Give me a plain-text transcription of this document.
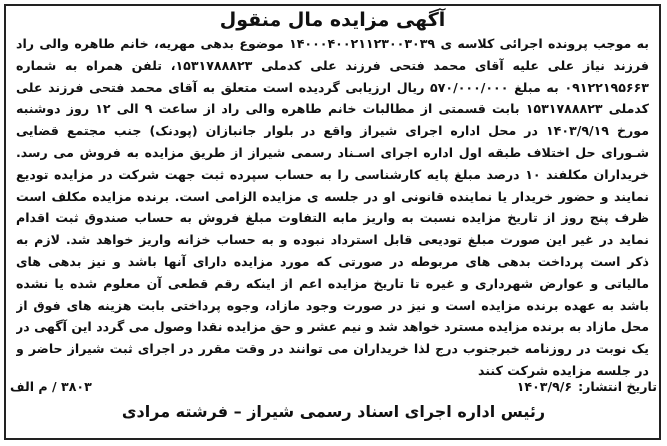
آگهی مزایده مال منقول

به موجب پرونده اجرائی کلاسه ی ۱۴۰۰۰۴۰۰۲۱۱۲۳۰۰۳۰۳۹ موضوع بدهی مهریه، خانم طاهره والی راد فرزند نیاز علی علیه آقای محمد فتحی فرزند علی کدملی ۱۵۳۱۷۸۸۸۲۳، تلفن همراه به شماره ۰۹۱۲۲۱۹۵۶۶۳ به مبلغ ۵۷۰/۰۰۰/۰۰۰ ریال ارزیابی گردیده است متعلق به آقای محمد فتحی فرزند علی کدملی ۱۵۳۱۷۸۸۸۲۳ بابت قسمتی از مطالبات خانم طاهره والی راد از ساعت ۹ الی ۱۲ روز دوشنبه مورخ ۱۴۰۳/۹/۱۹ در محل اداره اجرای شیراز واقع در بلوار جانبازان (پودنک) جنب مجتمع قضایی شـورای حل اختلاف طبقه اول اداره اجرای اسـناد رسمی شیراز از طریق مزایده به فروش می رسد. خریداران مکلفند ۱۰ درصد مبلغ پایه کارشناسی را به حساب سپرده ثبت جهت شرکت در مزایده تودیع نمایند و حضور خریدار یا نماینده قانونی او در جلسه ی مزایده الزامی است. برنده مزایده مکلف است ظرف پنج روز از تاریخ مزایده نسبت به واریز مابه التفاوت مبلغ فروش به حساب صندوق ثبت اقدام نماید در غیر این صورت مبلغ تودیعی قابل استرداد نبوده و به حساب خزانه واریز خواهد شد. لازم به ذکر است پرداخت بدهی های مربوطه در صورتی که مورد مزایده دارای آنها باشد و نیز بدهی های مالیاتی و عوارض شهرداری و غیره تا تاریخ مزایده اعم از اینکه رقم قطعی آن معلوم شده یا نشده باشد به عهده برنده مزایده است و نیز در صورت وجود مازاد، وجوه پرداختی بابت هزینه های فوق از محل مازاد به برنده مزایده مسترد خواهد شد و نیم عشر و حق مزایده نقدا وصول می گردد این آگهی در یک نوبت در روزنامه خبرجنوب درج لذا خریداران می توانند در وقت مقرر در اجرای ثبت شیراز حاضر و در جلسه مزایده شرکت کنند

تاریخ انتشار:
۱۴۰۳/۹/۶
۳۸۰۳ / م الف
رئیس اداره اجرای اسناد رسمی شیراز – فرشته مرادی
